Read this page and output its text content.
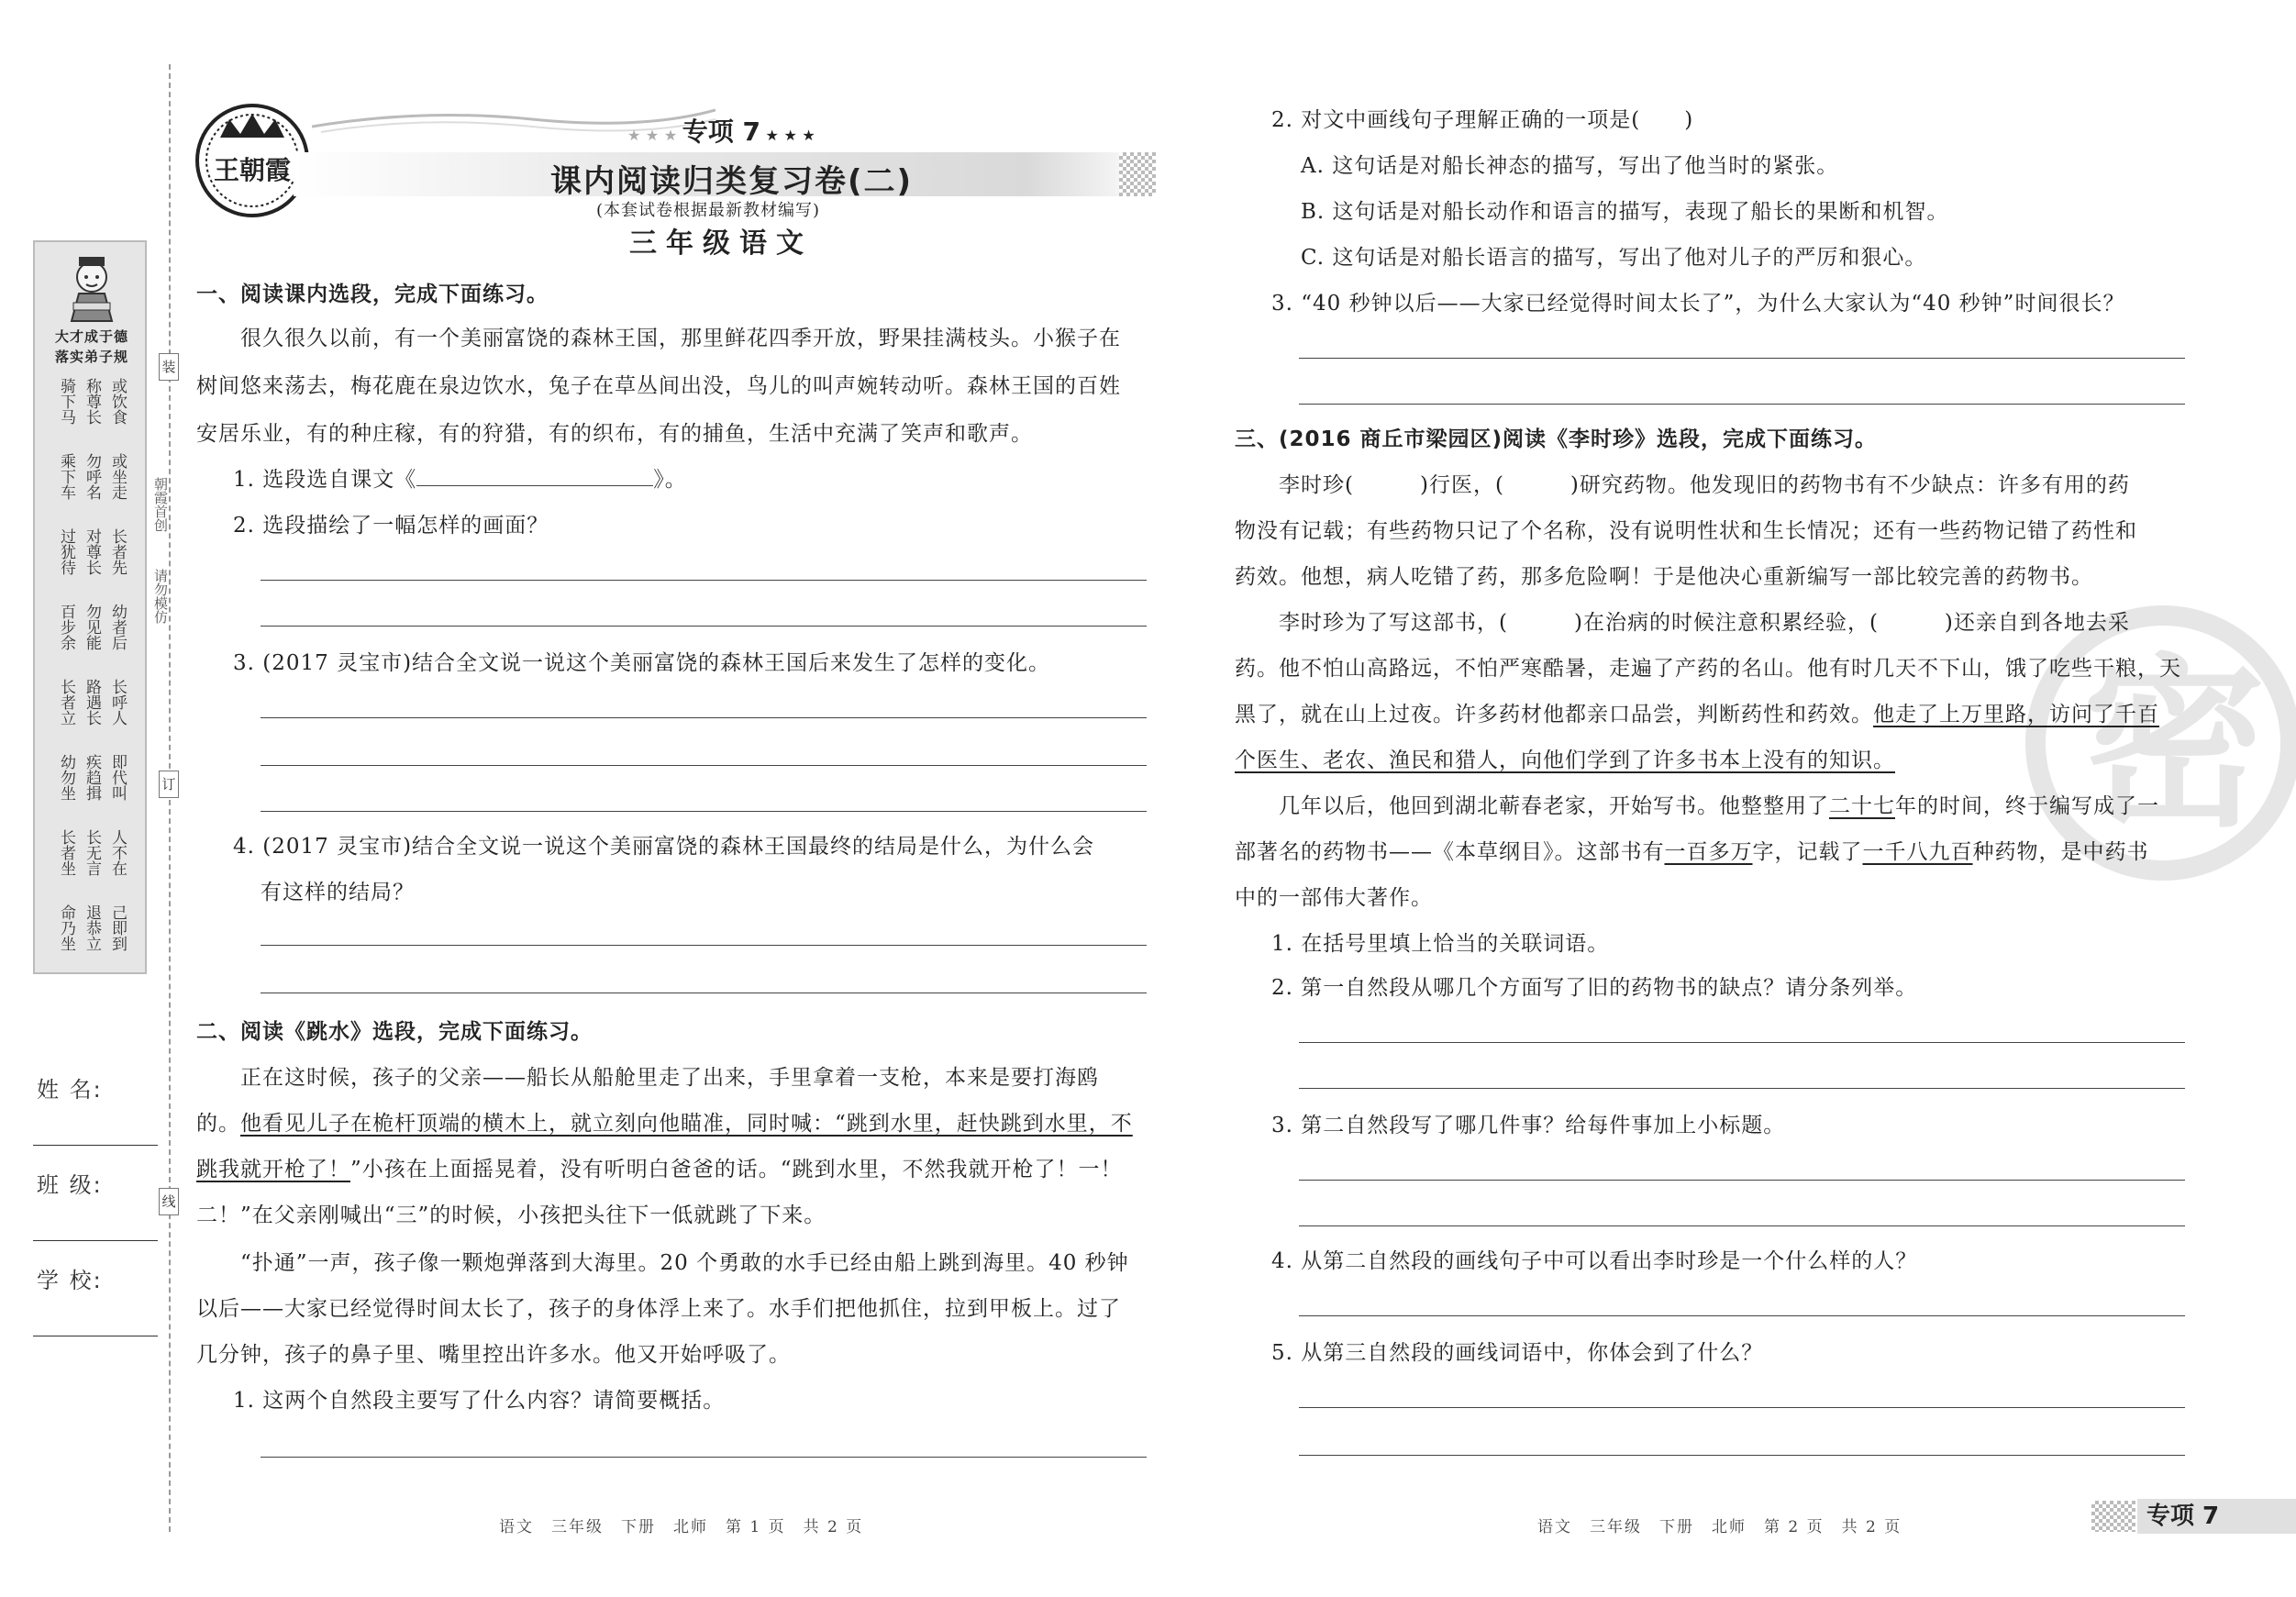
装
订
线
朝霞首创
请勿模仿
大才成于德
落实弟子规
骑下马 称尊长 或饮食
乘下车 勿呼名 或坐走
过犹待 对尊长 长者先
百步余 勿见能 幼者后
长者立 路遇长 长呼人
幼勿坐 疾趋揖 即代叫
长者坐 长无言 人不在
命乃坐 退恭立 己即到
姓 名:
班 级:
学 校:
王朝霞
★ ★ ★ 专项 7 ★ ★ ★
课内阅读归类复习卷(二)
(本套试卷根据最新教材编写)
三年级语文
一、阅读课内选段，完成下面练习。
很久很久以前，有一个美丽富饶的森林王国，那里鲜花四季开放，野果挂满枝头。小猴子在
树间悠来荡去，梅花鹿在泉边饮水，兔子在草丛间出没，鸟儿的叫声婉转动听。森林王国的百姓
安居乐业，有的种庄稼，有的狩猎，有的织布，有的捕鱼，生活中充满了笑声和歌声。
1. 选段选自课文《	》。
2. 选段描绘了一幅怎样的画面？
3. (2017 灵宝市)结合全文说一说这个美丽富饶的森林王国后来发生了怎样的变化。
4. (2017 灵宝市)结合全文说一说这个美丽富饶的森林王国最终的结局是什么，为什么会
有这样的结局？
二、阅读《跳水》选段，完成下面练习。
正在这时候，孩子的父亲——船长从船舱里走了出来，手里拿着一支枪，本来是要打海鸥
的。他看见儿子在桅杆顶端的横木上，就立刻向他瞄准，同时喊：“跳到水里，赶快跳到水里，不
跳我就开枪了！”小孩在上面摇晃着，没有听明白爸爸的话。“跳到水里，不然我就开枪了！一！
二！”在父亲刚喊出“三”的时候，小孩把头往下一低就跳了下来。
“扑通”一声，孩子像一颗炮弹落到大海里。20 个勇敢的水手已经由船上跳到海里。40 秒钟
以后——大家已经觉得时间太长了，孩子的身体浮上来了。水手们把他抓住，拉到甲板上。过了
几分钟，孩子的鼻子里、嘴里控出许多水。他又开始呼吸了。
1. 这两个自然段主要写了什么内容？请简要概括。
语文　三年级　下册　北师　第 1 页　共 2 页
2. 对文中画线句子理解正确的一项是(　　)
A. 这句话是对船长神态的描写，写出了他当时的紧张。
B. 这句话是对船长动作和语言的描写，表现了船长的果断和机智。
C. 这句话是对船长语言的描写，写出了他对儿子的严厉和狠心。
3. “40 秒钟以后——大家已经觉得时间太长了”，为什么大家认为“40 秒钟”时间很长？
密
三、(2016 商丘市梁园区)阅读《李时珍》选段，完成下面练习。
李时珍(　　　)行医，(　　　)研究药物。他发现旧的药物书有不少缺点：许多有用的药
物没有记载；有些药物只记了个名称，没有说明性状和生长情况；还有一些药物记错了药性和
药效。他想，病人吃错了药，那多危险啊！于是他决心重新编写一部比较完善的药物书。
李时珍为了写这部书，(　　　)在治病的时候注意积累经验，(　　　)还亲自到各地去采
药。他不怕山高路远，不怕严寒酷暑，走遍了产药的名山。他有时几天不下山，饿了吃些干粮，天
黑了，就在山上过夜。许多药材他都亲口品尝，判断药性和药效。他走了上万里路，访问了千百
个医生、老农、渔民和猎人，向他们学到了许多书本上没有的知识。
几年以后，他回到湖北蕲春老家，开始写书。他整整用了二十七年的时间，终于编写成了一
部著名的药物书——《本草纲目》。这部书有一百多万字，记载了一千八九百种药物，是中药书
中的一部伟大著作。
1. 在括号里填上恰当的关联词语。
2. 第一自然段从哪几个方面写了旧的药物书的缺点？请分条列举。
3. 第二自然段写了哪几件事？给每件事加上小标题。
4. 从第二自然段的画线句子中可以看出李时珍是一个什么样的人？
5. 从第三自然段的画线词语中，你体会到了什么？
语文　三年级　下册　北师　第 2 页　共 2 页	专项 7
